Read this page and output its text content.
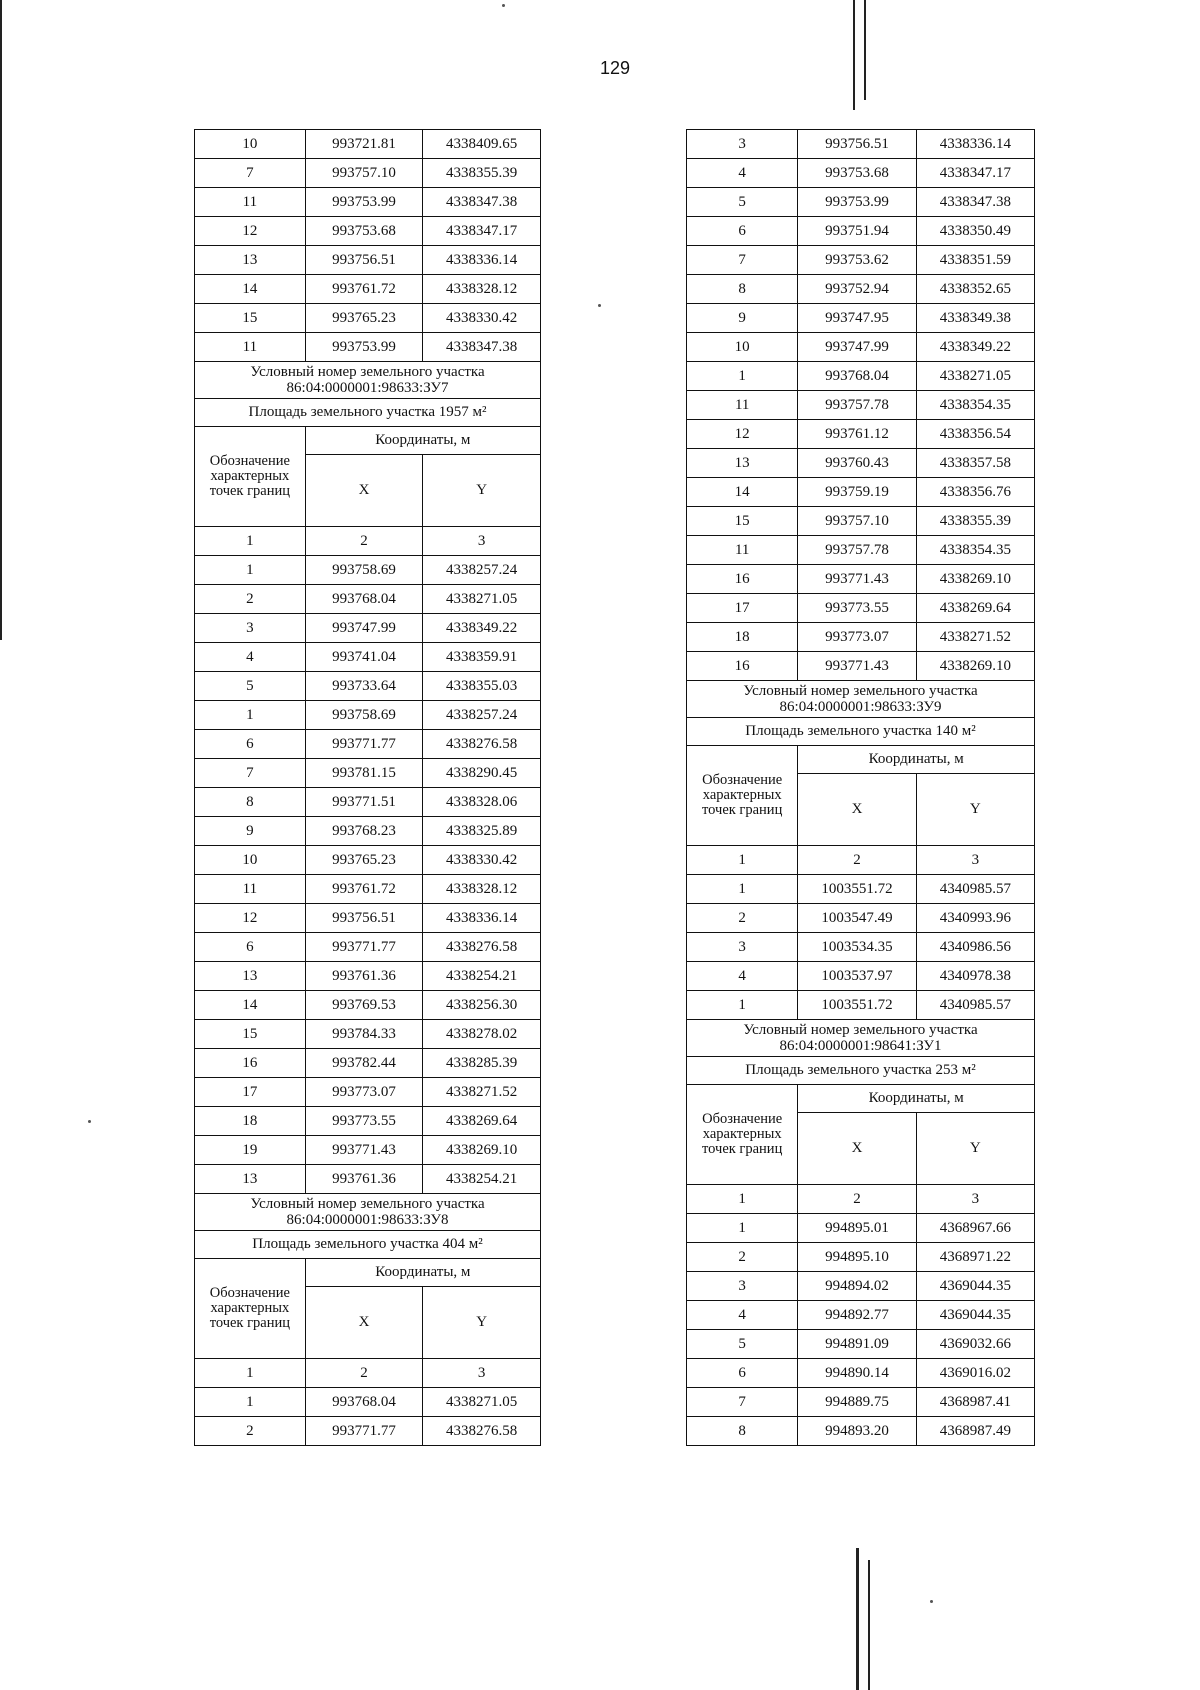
129
10	993721.81	4338409.65
7	993757.10	4338355.39
11	993753.99	4338347.38
12	993753.68	4338347.17
13	993756.51	4338336.14
14	993761.72	4338328.12
15	993765.23	4338330.42
11	993753.99	4338347.38

Условный номер земельного участка
86:04:0000001:98633:ЗУ7		

Площадь земельного участка 1957 м²		
Обозначение характерных точек границ	Координаты, м	
	X	Y
1	2	3
1	993758.69	4338257.24
2	993768.04	4338271.05
3	993747.99	4338349.22
4	993741.04	4338359.91
5	993733.64	4338355.03
1	993758.69	4338257.24
6	993771.77	4338276.58
7	993781.15	4338290.45
8	993771.51	4338328.06
9	993768.23	4338325.89
10	993765.23	4338330.42
11	993761.72	4338328.12
12	993756.51	4338336.14
6	993771.77	4338276.58
13	993761.36	4338254.21
14	993769.53	4338256.30
15	993784.33	4338278.02
16	993782.44	4338285.39
17	993773.07	4338271.52
18	993773.55	4338269.64
19	993771.43	4338269.10
13	993761.36	4338254.21

Условный номер земельного участка
86:04:0000001:98633:ЗУ8		

Площадь земельного участка 404 м²		
Обозначение характерных точек границ	Координаты, м	
	X	Y
1	2	3
1	993768.04	4338271.05
2	993771.77	4338276.58
3	993756.51	4338336.14
4	993753.68	4338347.17
5	993753.99	4338347.38
6	993751.94	4338350.49
7	993753.62	4338351.59
8	993752.94	4338352.65
9	993747.95	4338349.38
10	993747.99	4338349.22
1	993768.04	4338271.05
11	993757.78	4338354.35
12	993761.12	4338356.54
13	993760.43	4338357.58
14	993759.19	4338356.76
15	993757.10	4338355.39
11	993757.78	4338354.35
16	993771.43	4338269.10
17	993773.55	4338269.64
18	993773.07	4338271.52
16	993771.43	4338269.10

Условный номер земельного участка
86:04:0000001:98633:ЗУ9		

Площадь земельного участка 140 м²		
Обозначение характерных точек границ	Координаты, м	
	X	Y
1	2	3
1	1003551.72	4340985.57
2	1003547.49	4340993.96
3	1003534.35	4340986.56
4	1003537.97	4340978.38
1	1003551.72	4340985.57

Условный номер земельного участка
86:04:0000001:98641:ЗУ1		

Площадь земельного участка 253 м²		
Обозначение характерных точек границ	Координаты, м	
	X	Y
1	2	3
1	994895.01	4368967.66
2	994895.10	4368971.22
3	994894.02	4369044.35
4	994892.77	4369044.35
5	994891.09	4369032.66
6	994890.14	4369016.02
7	994889.75	4368987.41
8	994893.20	4368987.49
